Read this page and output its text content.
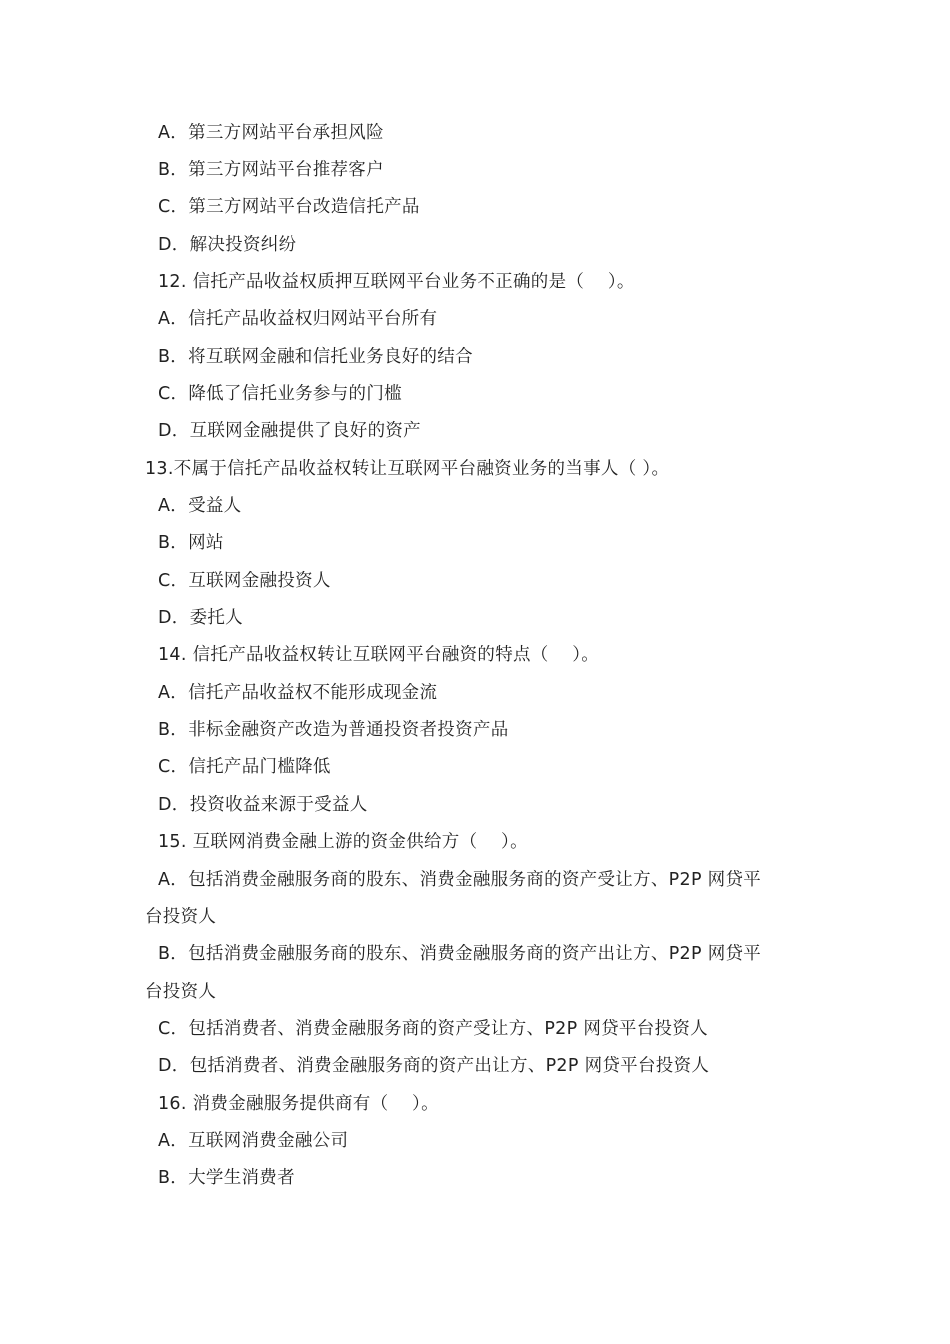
A．第三方网站平台承担风险
B．第三方网站平台推荐客户
C．第三方网站平台改造信托产品
D．解决投资纠纷
12. 信托产品收益权质押互联网平台业务不正确的是（　 ）。
A．信托产品收益权归网站平台所有
B．将互联网金融和信托业务良好的结合
C．降低了信托业务参与的门槛
D．互联网金融提供了良好的资产
13.不属于信托产品收益权转让互联网平台融资业务的当事人（ ）。
A．受益人
B．网站
C．互联网金融投资人
D．委托人
14. 信托产品收益权转让互联网平台融资的特点（　 ）。
A．信托产品收益权不能形成现金流
B．非标金融资产改造为普通投资者投资产品
C．信托产品门槛降低
D．投资收益来源于受益人
15. 互联网消费金融上游的资金供给方（　 ）。
A．包括消费金融服务商的股东、消费金融服务商的资产受让方、P2P 网贷平
台投资人
B．包括消费金融服务商的股东、消费金融服务商的资产出让方、P2P 网贷平
台投资人
C．包括消费者、消费金融服务商的资产受让方、P2P 网贷平台投资人
D．包括消费者、消费金融服务商的资产出让方、P2P 网贷平台投资人
16. 消费金融服务提供商有（　 ）。
A．互联网消费金融公司
B．大学生消费者
